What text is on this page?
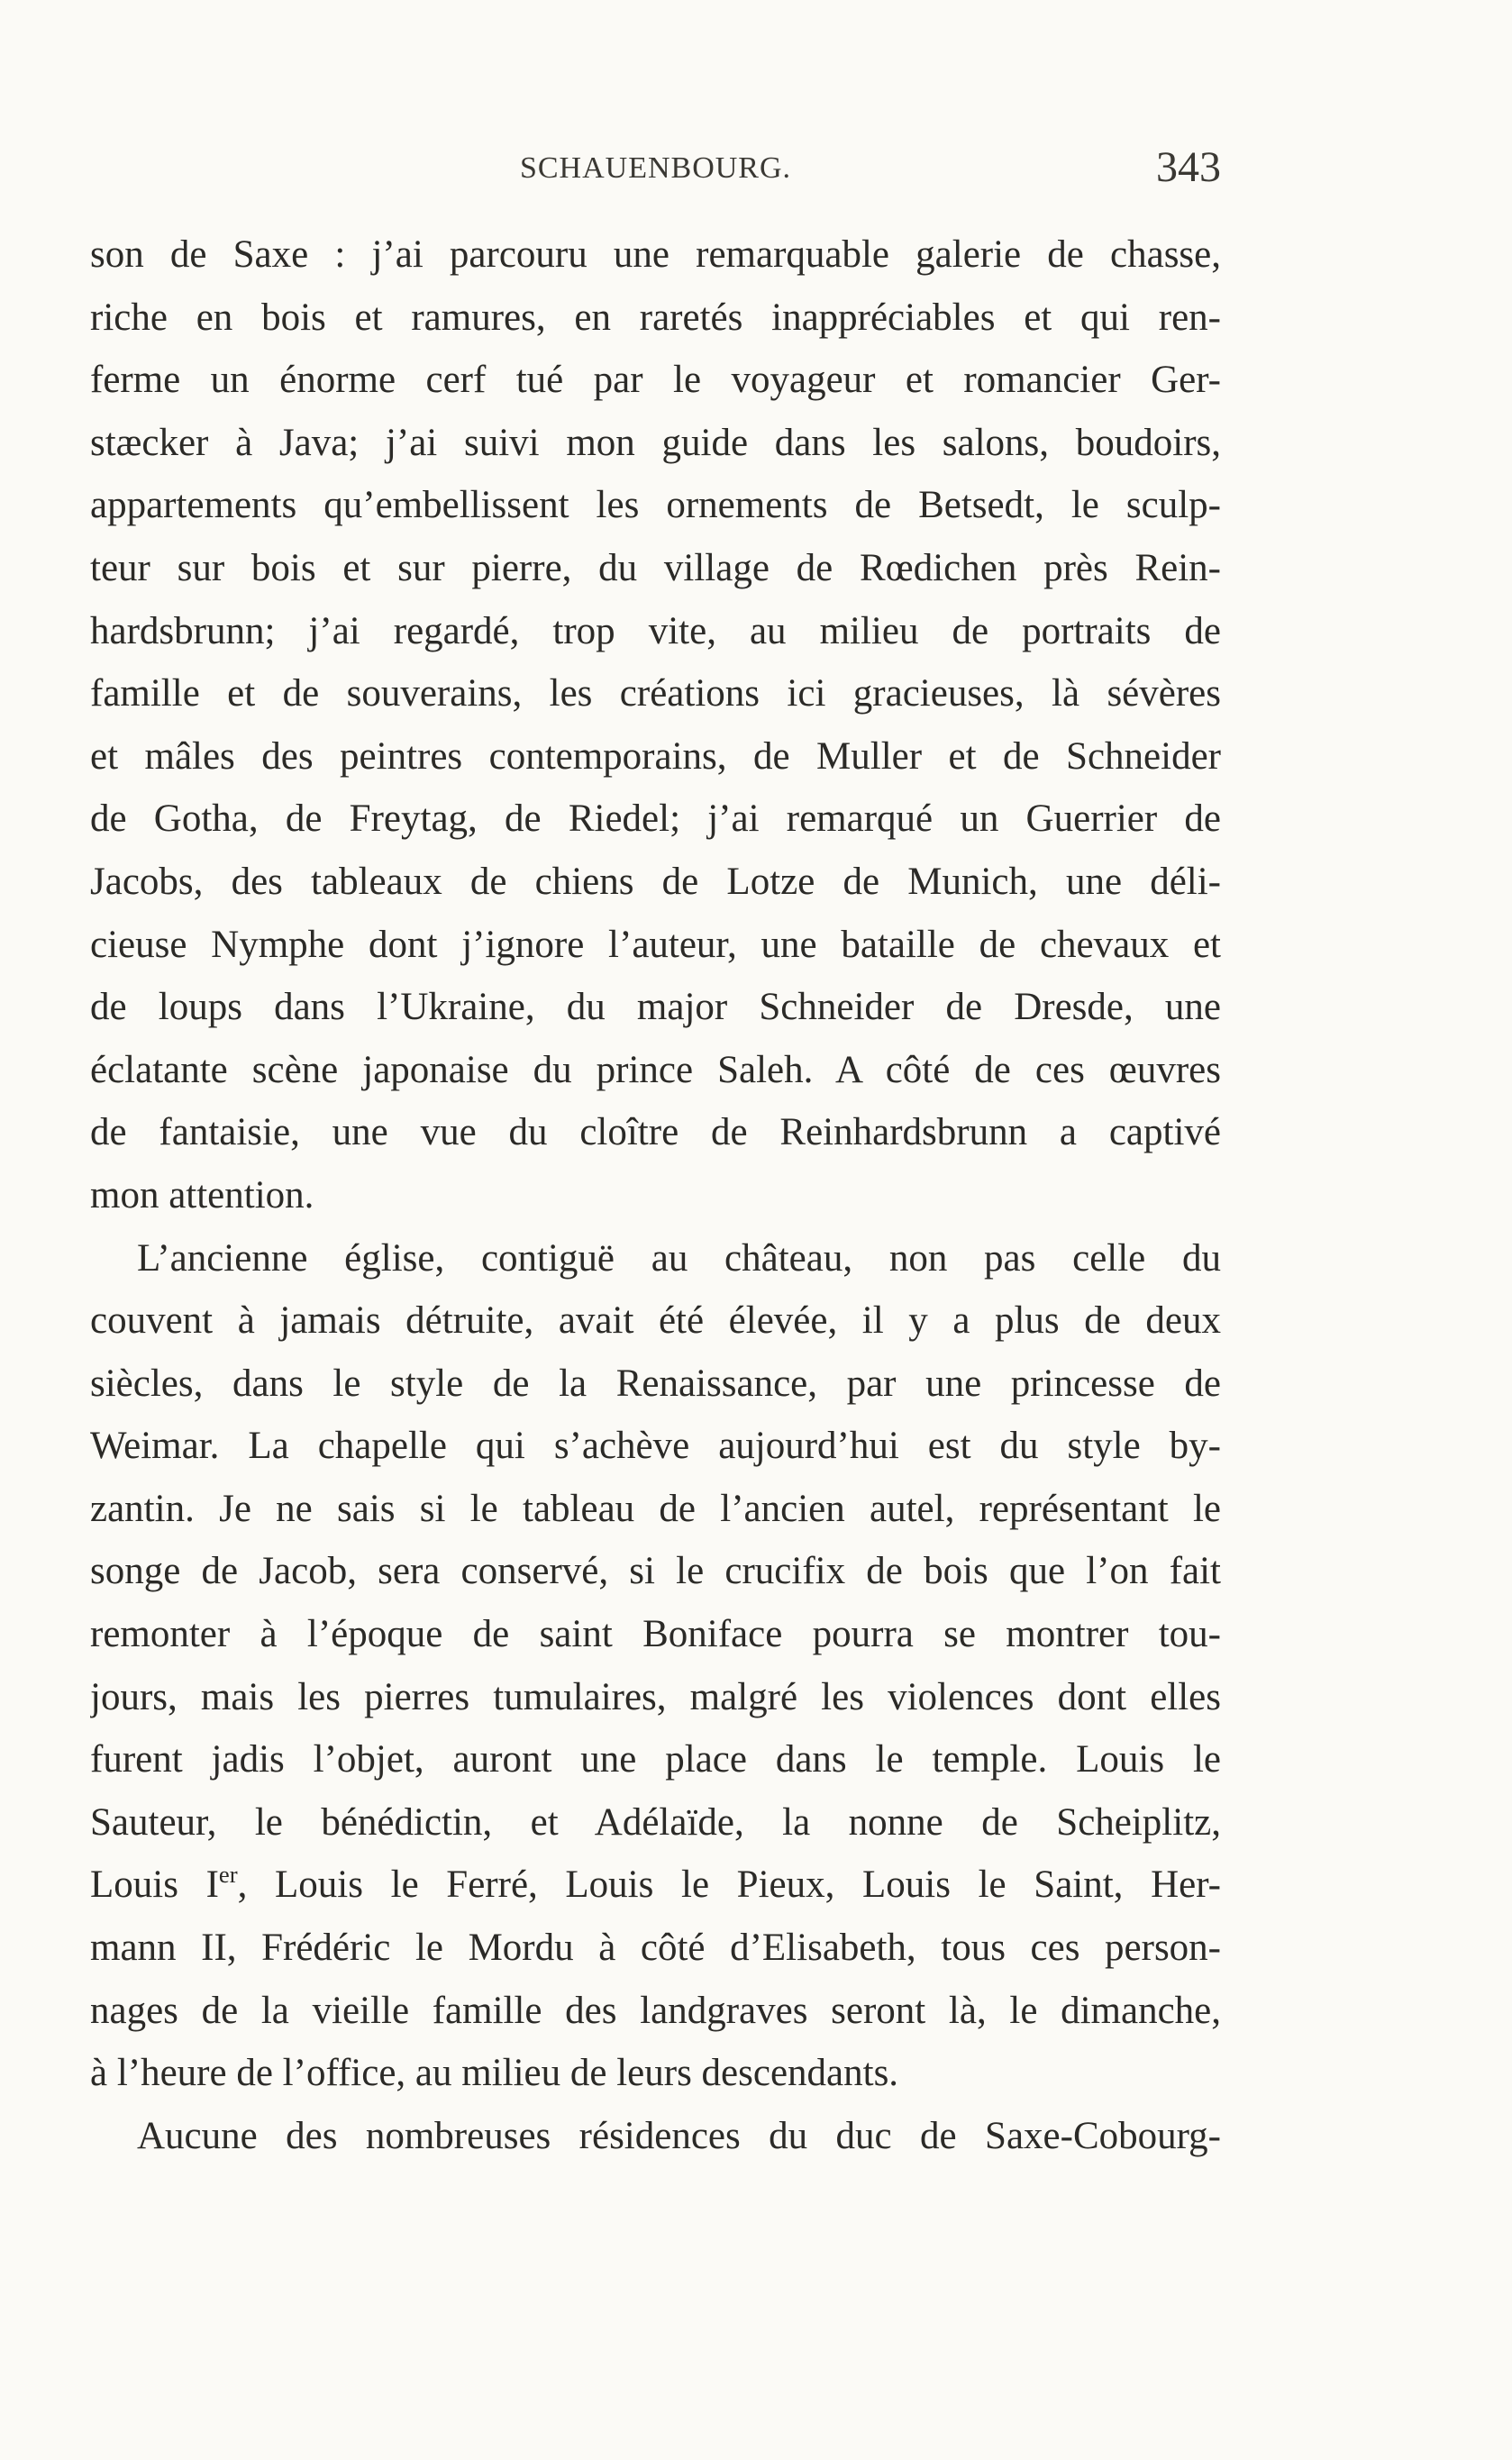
SCHAUENBOURG.	343
son de Saxe : j’ai parcouru une remarquable galerie de chasse,
riche en bois et ramures, en raretés inappréciables et qui ren-
ferme un énorme cerf tué par le voyageur et romancier Ger-
stæcker à Java; j’ai suivi mon guide dans les salons, boudoirs,
appartements qu’embellissent les ornements de Betsedt, le sculp-
teur sur bois et sur pierre, du village de Rœdichen près Rein-
hardsbrunn; j’ai regardé, trop vite, au milieu de portraits de
famille et de souverains, les créations ici gracieuses, là sévères
et mâles des peintres contemporains, de Muller et de Schneider
de Gotha, de Freytag, de Riedel; j’ai remarqué un Guerrier de
Jacobs, des tableaux de chiens de Lotze de Munich, une déli-
cieuse Nymphe dont j’ignore l’auteur, une bataille de chevaux et
de loups dans l’Ukraine, du major Schneider de Dresde, une
éclatante scène japonaise du prince Saleh. A côté de ces œuvres
de fantaisie, une vue du cloître de Reinhardsbrunn a captivé
mon attention.
L’ancienne église, contiguë au château, non pas celle du
couvent à jamais détruite, avait été élevée, il y a plus de deux
siècles, dans le style de la Renaissance, par une princesse de
Weimar. La chapelle qui s’achève aujourd’hui est du style by-
zantin. Je ne sais si le tableau de l’ancien autel, représentant le
songe de Jacob, sera conservé, si le crucifix de bois que l’on fait
remonter à l’époque de saint Boniface pourra se montrer tou-
jours, mais les pierres tumulaires, malgré les violences dont elles
furent jadis l’objet, auront une place dans le temple. Louis le
Sauteur, le bénédictin, et Adélaïde, la nonne de Scheiplitz,
Louis Ier, Louis le Ferré, Louis le Pieux, Louis le Saint, Her-
mann II, Frédéric le Mordu à côté d’Elisabeth, tous ces person-
nages de la vieille famille des landgraves seront là, le dimanche,
à l’heure de l’office, au milieu de leurs descendants.
Aucune des nombreuses résidences du duc de Saxe-Cobourg-
